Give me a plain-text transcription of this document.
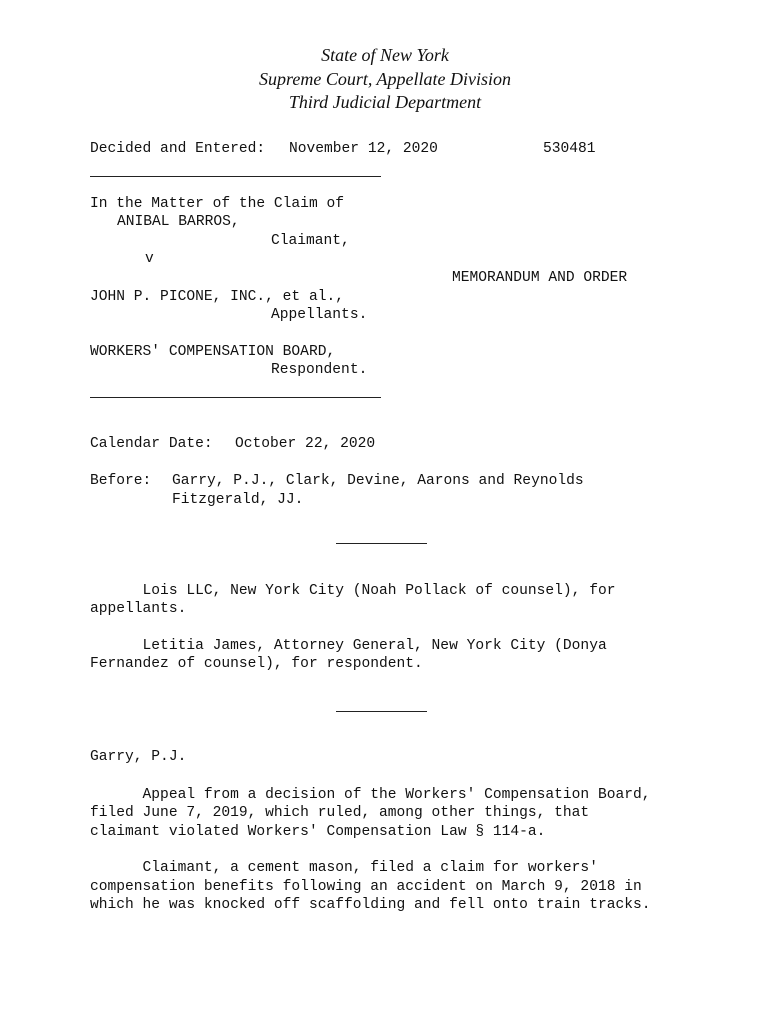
State of New York
Supreme Court, Appellate Division
Third Judicial Department
Decided and Entered: November 12, 2020	530481
In the Matter of the Claim of
ANIBAL BARROS,
Claimant,
v
MEMORANDUM AND ORDER
JOHN P. PICONE, INC., et al.,
Appellants.
WORKERS' COMPENSATION BOARD,
Respondent.
Calendar Date: October 22, 2020
Before: Garry, P.J., Clark, Devine, Aarons and Reynolds
Fitzgerald, JJ.
Lois LLC, New York City (Noah Pollack of counsel), for
appellants.
Letitia James, Attorney General, New York City (Donya
Fernandez of counsel), for respondent.
Garry, P.J.
Appeal from a decision of the Workers' Compensation Board,
filed June 7, 2019, which ruled, among other things, that
claimant violated Workers' Compensation Law § 114-a.
Claimant, a cement mason, filed a claim for workers'
compensation benefits following an accident on March 9, 2018 in
which he was knocked off scaffolding and fell onto train tracks.
